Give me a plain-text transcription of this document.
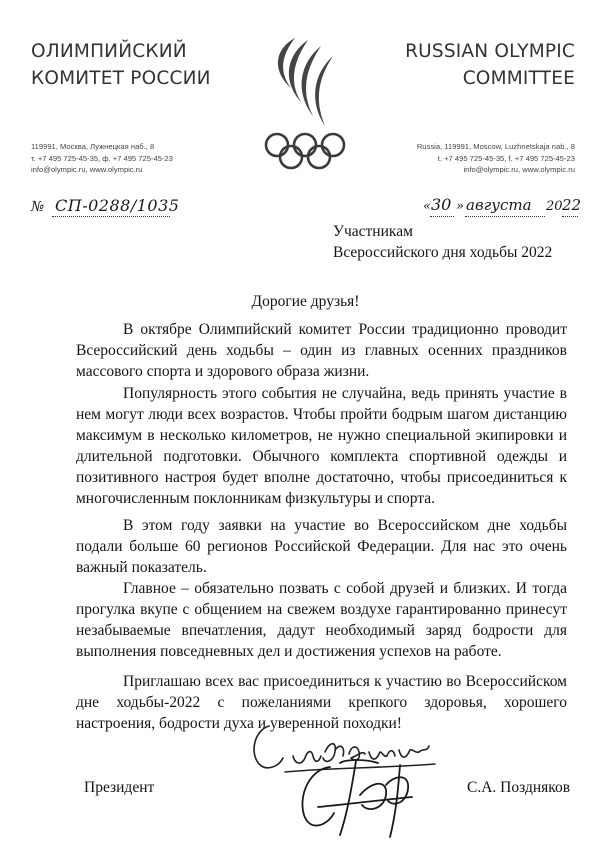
ОЛИМПИЙСКИЙ
КОМИТЕТ РОССИИ
RUSSIAN OLYMPIC
COMMITTEE
119991, Москва, Лужнецкая наб., 8
т. +7 495 725-45-35, ф. +7 495 725-45-23
info@olympic.ru, www.olympic.ru
Russia, 119991, Moscow, Luzhnetskaja nab., 8
t. +7 495 725-45-35, f. +7 495 725-45-23
info@olympic.ru, www.olympic.ru
№ СП-0288/1035	« 30 » августа 20 22
Участникам
Всероссийского дня ходьбы 2022
Дорогие друзья!

В октябре Олимпийский комитет России традиционно проводит Всероссийский день ходьбы – один из главных осенних праздников массового спорта и здорового образа жизни.

Популярность этого события не случайна, ведь принять участие в нем могут люди всех возрастов. Чтобы пройти бодрым шагом дистанцию максимум в несколько километров, не нужно специальной экипировки и длительной подготовки. Обычного комплекта спортивной одежды и позитивного настроя будет вполне достаточно, чтобы присоединиться к многочисленным поклонникам физкультуры и спорта.

В этом году заявки на участие во Всероссийском дне ходьбы подали больше 60 регионов Российской Федерации. Для нас это очень важный показатель.

Главное – обязательно позвать с собой друзей и близких. И тогда прогулка вкупе с общением на свежем воздухе гарантированно принесут незабываемые впечатления, дадут необходимый заряд бодрости для выполнения повседневных дел и достижения успехов на работе.

Приглашаю всех вас присоединиться к участию во Всероссийском дне ходьбы-2022 с пожеланиями крепкого здоровья, хорошего настроения, бодрости духа и уверенной походки!

Президент	С.А. Поздняков
